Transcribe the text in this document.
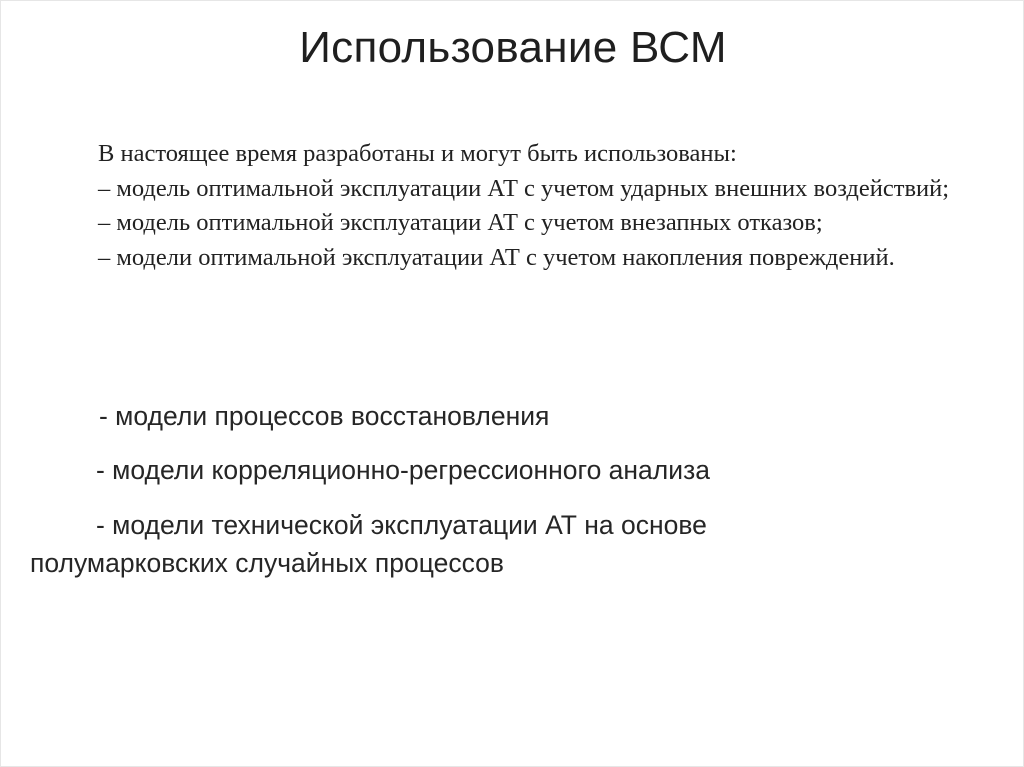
Использование ВСМ

В настоящее время разработаны и могут быть использованы:

– модель оптимальной эксплуатации АТ с учетом ударных внешних воздействий;

– модель оптимальной эксплуатации АТ с учетом внезапных отказов;

– модели оптимальной эксплуатации АТ с учетом накопления повреждений.

- модели процессов восстановления

- модели корреляционно-регрессионного анализа

- модели технической эксплуатации АТ на основе

полумарковских случайных процессов
